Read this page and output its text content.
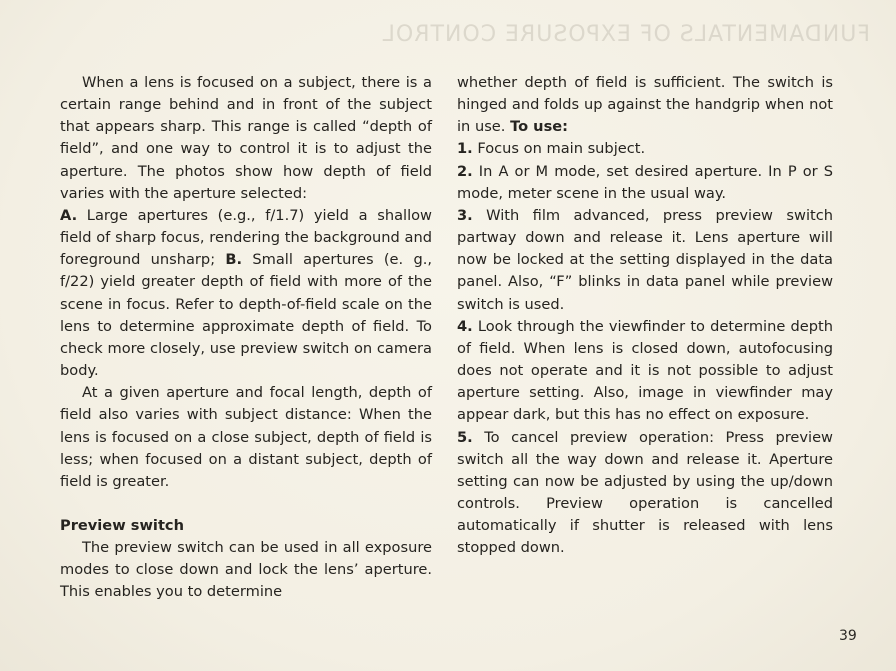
FUNDAMENTALS OF EXPOSURE CONTROL

When a lens is focused on a subject, there is a certain range behind and in front of the subject that appears sharp. This range is called “depth of field”, and one way to control it is to adjust the aperture. The photos show how depth of field varies with the aperture selected:

A. Large apertures (e.g., f/1.7) yield a shallow field of sharp focus, rendering the background and foreground unsharp; B. Small apertures (e. g., f/22) yield greater depth of field with more of the scene in focus. Refer to depth-of-field scale on the lens to determine approximate depth of field. To check more closely, use preview switch on camera body.

At a given aperture and focal length, depth of field also varies with subject distance: When the lens is focused on a close subject, depth of field is less; when focused on a distant subject, depth of field is greater.

Preview switch

The preview switch can be used in all exposure modes to close down and lock the lens’ aperture. This enables you to determine

whether depth of field is sufficient. The switch is hinged and folds up against the handgrip when not in use. To use:

1. Focus on main subject.

2. In A or M mode, set desired aperture. In P or S mode, meter scene in the usual way.

3. With film advanced, press preview switch partway down and release it. Lens aperture will now be locked at the setting displayed in the data panel. Also, “F” blinks in data panel while preview switch is used.

4. Look through the viewfinder to determine depth of field. When lens is closed down, autofocusing does not operate and it is not possible to adjust aperture setting. Also, image in viewfinder may appear dark, but this has no effect on exposure.

5. To cancel preview operation: Press preview switch all the way down and release it. Aperture setting can now be adjusted by using the up/down controls. Preview operation is cancelled automatically if shutter is released with lens stopped down.

39
